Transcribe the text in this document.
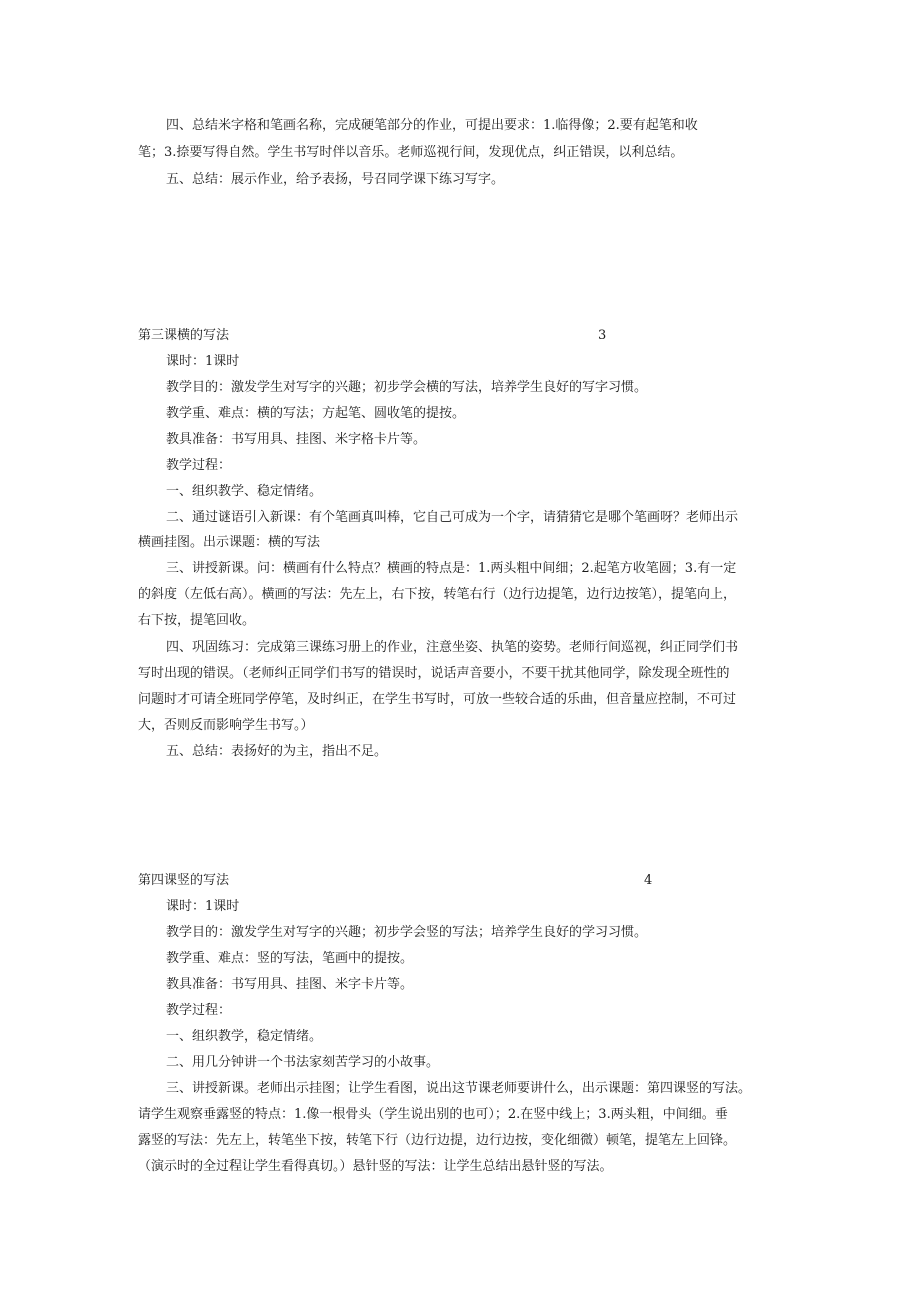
四、总结米字格和笔画名称，完成硬笔部分的作业，可提出要求：1.临得像；2.要有起笔和收
笔；3.捺要写得自然。学生书写时伴以音乐。老师巡视行间，发现优点，纠正错误，以利总结。
五、总结：展示作业，给予表扬，号召同学课下练习写字。
第三课横的写法	3
课时：1课时
教学目的：激发学生对写字的兴趣；初步学会横的写法，培养学生良好的写字习惯。
教学重、难点：横的写法；方起笔、圆收笔的提按。
教具准备：书写用具、挂图、米字格卡片等。
教学过程：
一、组织教学、稳定情绪。
二、通过谜语引入新课：有个笔画真叫棒，它自己可成为一个字，请猜猜它是哪个笔画呀？老师出示
横画挂图。出示课题：横的写法
三、讲授新课。问：横画有什么特点？横画的特点是：1.两头粗中间细；2.起笔方收笔圆；3.有一定
的斜度（左低右高）。横画的写法：先左上，右下按，转笔右行（边行边提笔，边行边按笔），提笔向上，
右下按，提笔回收。
四、巩固练习：完成第三课练习册上的作业，注意坐姿、执笔的姿势。老师行间巡视，纠正同学们书
写时出现的错误。（老师纠正同学们书写的错误时，说话声音要小，不要干扰其他同学，除发现全班性的
问题时才可请全班同学停笔，及时纠正，在学生书写时，可放一些较合适的乐曲，但音量应控制，不可过
大，否则反而影响学生书写。）
五、总结：表扬好的为主，指出不足。
第四课竖的写法	4
课时：1课时
教学目的：激发学生对写字的兴趣；初步学会竖的写法；培养学生良好的学习习惯。
教学重、难点：竖的写法，笔画中的提按。
教具准备：书写用具、挂图、米字卡片等。
教学过程：
一、组织教学，稳定情绪。
二、用几分钟讲一个书法家刻苦学习的小故事。
三、讲授新课。老师出示挂图；让学生看图，说出这节课老师要讲什么，出示课题：第四课竖的写法。
请学生观察垂露竖的特点：1.像一根骨头（学生说出别的也可）；2.在竖中线上；3.两头粗，中间细。垂
露竖的写法：先左上，转笔坐下按，转笔下行（边行边提，边行边按，变化细微）顿笔，提笔左上回锋。
（演示时的全过程让学生看得真切。）悬针竖的写法：让学生总结出悬针竖的写法。
